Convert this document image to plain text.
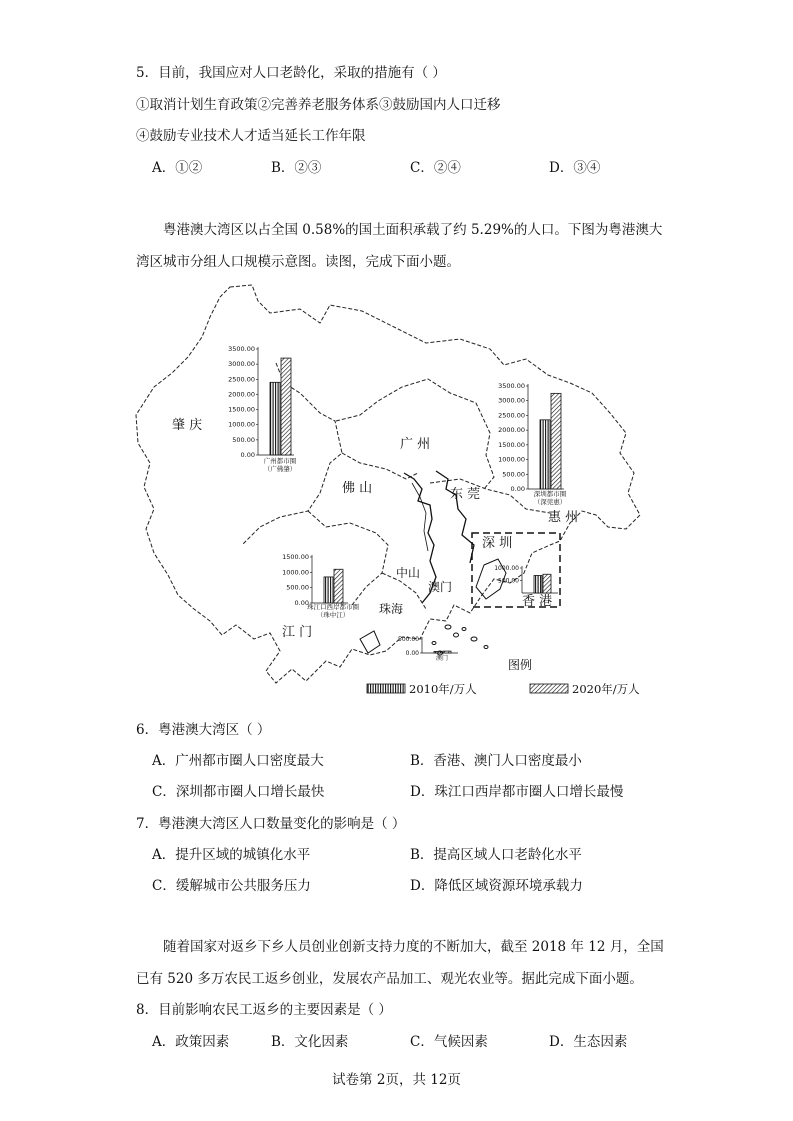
5．目前，我国应对人口老龄化，采取的措施有（ ）
①取消计划生育政策②完善养老服务体系③鼓励国内人口迁移
④鼓励专业技术人才适当延长工作年限
A．①②	B．②③	C．②④	D．③④
粤港澳大湾区以占全国 0.58%的国土面积承载了约 5.29%的人口。下图为粤港澳大
湾区城市分组人口规模示意图。读图，完成下面小题。
3500.00
3000.00
2500.00
2000.00
1500.00
1000.00
500.00
0.00
广州都市圈
（广佛肇）
3500.00
3000.00
2500.00
2000.00
1500.00
1000.00
500.00
0.00
深圳都市圈
（深莞惠）
1500.00
1000.00
500.00
0.00
珠江口西岸都市圈
（珠中江）
1000.00
500.00
500.00
0.00
澳门
肇 庆
广 州
佛 山	东 莞
惠 州
深 圳
中山
澳门
珠海
江 门
香 港
图例
2010年/万人	2020年/万人
6．粤港澳大湾区（ ）
A．广州都市圈人口密度最大	B．香港、澳门人口密度最小
C．深圳都市圈人口增长最快	D．珠江口西岸都市圈人口增长最慢
7．粤港澳大湾区人口数量变化的影响是（ ）
A．提升区域的城镇化水平	B．提高区域人口老龄化水平
C．缓解城市公共服务压力	D．降低区域资源环境承载力
随着国家对返乡下乡人员创业创新支持力度的不断加大，截至 2018 年 12 月，全国
已有 520 多万农民工返乡创业，发展农产品加工、观光农业等。据此完成下面小题。
8．目前影响农民工返乡的主要因素是（ ）
A．政策因素	B．文化因素	C．气候因素	D．生态因素
试卷第 2页，共 12页
